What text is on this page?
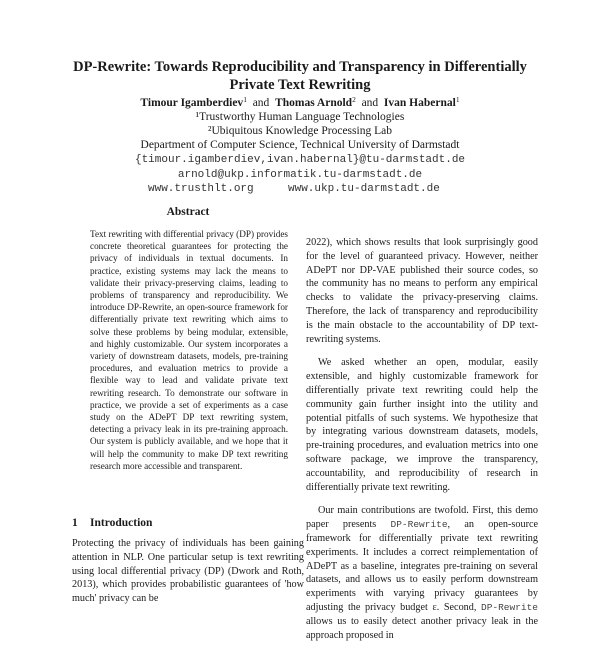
DP-Rewrite: Towards Reproducibility and Transparency in Differentially Private Text Rewriting
Timour Igamberdiev$^1$ and Thomas Arnold$^2$ and Ivan Habernal$^1$
¹Trustworthy Human Language Technologies
²Ubiquitous Knowledge Processing Lab
Department of Computer Science, Technical University of Darmstadt
{timour.igamberdiev,ivan.habernal}@tu-darmstadt.de
arnold@ukp.informatik.tu-darmstadt.de
www.trusthlt.org	www.ukp.tu-darmstadt.de
Abstract
Text rewriting with differential privacy (DP) provides concrete theoretical guarantees for protecting the privacy of individuals in textual documents. In practice, existing systems may lack the means to validate their privacy-preserving claims, leading to problems of transparency and reproducibility. We introduce DP-Rewrite, an open-source framework for differentially private text rewriting which aims to solve these problems by being modular, extensible, and highly customizable. Our system incorporates a variety of downstream datasets, models, pre-training procedures, and evaluation metrics to provide a flexible way to lead and validate private text rewriting research. To demonstrate our software in practice, we provide a set of experiments as a case study on the ADePT DP text rewriting system, detecting a privacy leak in its pre-training approach. Our system is publicly available, and we hope that it will help the community to make DP text rewriting research more accessible and transparent.
1 Introduction
Protecting the privacy of individuals has been gaining attention in NLP. One particular setup is text rewriting using local differential privacy (DP) (Dwork and Roth, 2013), which provides probabilistic guarantees of 'how much' privacy can be

2022), which shows results that look surprisingly good for the level of guaranteed privacy. However, neither ADePT nor DP-VAE published their source codes, so the community has no means to perform any empirical checks to validate the privacy-preserving claims. Therefore, the lack of transparency and reproducibility is the main obstacle to the accountability of DP text-rewriting systems.

We asked whether an open, modular, easily extensible, and highly customizable framework for differentially private text rewriting could help the community gain further insight into the utility and potential pitfalls of such systems. We hypothesize that by integrating various downstream datasets, models, pre-training procedures, and evaluation metrics into one software package, we improve the transparency, accountability, and reproducibility of research in differentially private text rewriting.

Our main contributions are twofold. First, this demo paper presents DP-Rewrite, an open-source framework for differentially private text rewriting experiments. It includes a correct reimplementation of ADePT as a baseline, integrates pre-training on several datasets, and allows us to easily perform downstream experiments with varying privacy guarantees by adjusting the privacy budget ε. Second, DP-Rewrite allows us to easily detect another privacy leak in the approach proposed in
